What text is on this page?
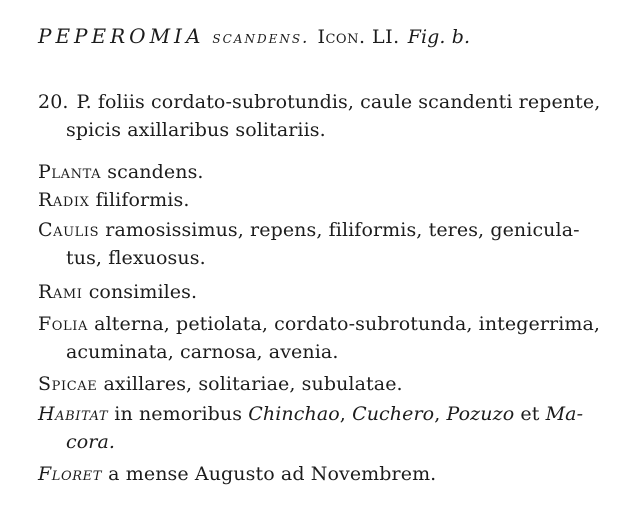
PEPEROMIA scandens. Icon. LI. Fig. b.
20. P. foliis cordato-subrotundis, caule scandenti repente,
spicis axillaribus solitariis.
Planta scandens.
Radix filiformis.
Caulis ramosissimus, repens, filiformis, teres, genicula-
tus, flexuosus.
Rami consimiles.
Folia alterna, petiolata, cordato-subrotunda, integerrima,
acuminata, carnosa, avenia.
Spicae axillares, solitariae, subulatae.
Habitat in nemoribus Chinchao, Cuchero, Pozuzo et Ma-
cora.
Floret a mense Augusto ad Novembrem.
